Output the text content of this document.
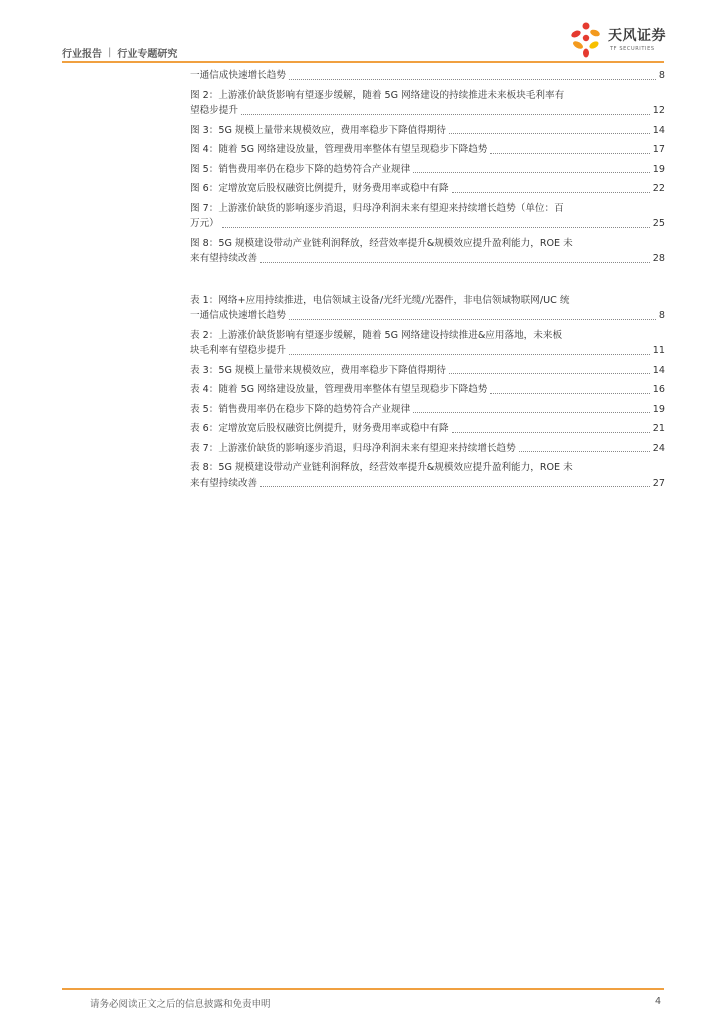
行业报告 | 行业专题研究
天风证券
TF SECURITIES
一通信成快速增长趋势	8
图 2：上游涨价缺货影响有望逐步缓解，随着 5G 网络建设的持续推进未来板块毛利率有
望稳步提升	12
图 3：5G 规模上量带来规模效应，费用率稳步下降值得期待	14
图 4：随着 5G 网络建设放量，管理费用率整体有望呈现稳步下降趋势	17
图 5：销售费用率仍在稳步下降的趋势符合产业规律	19
图 6：定增放宽后股权融资比例提升，财务费用率或稳中有降	22
图 7：上游涨价缺货的影响逐步消退，归母净利润未来有望迎来持续增长趋势（单位：百
万元）	25
图 8：5G 规模建设带动产业链利润释放，经营效率提升&规模效应提升盈利能力，ROE 未
来有望持续改善	28
表 1：网络+应用持续推进，电信领域主设备/光纤光缆/光器件，非电信领域物联网/UC 统
一通信成快速增长趋势	8
表 2：上游涨价缺货影响有望逐步缓解，随着 5G 网络建设持续推进&应用落地，未来板
块毛利率有望稳步提升	11
表 3：5G 规模上量带来规模效应，费用率稳步下降值得期待	14
表 4：随着 5G 网络建设放量，管理费用率整体有望呈现稳步下降趋势	16
表 5：销售费用率仍在稳步下降的趋势符合产业规律	19
表 6：定增放宽后股权融资比例提升，财务费用率或稳中有降	21
表 7：上游涨价缺货的影响逐步消退，归母净利润未来有望迎来持续增长趋势	24
表 8：5G 规模建设带动产业链利润释放，经营效率提升&规模效应提升盈利能力，ROE 未
来有望持续改善	27
请务必阅读正文之后的信息披露和免责申明	4
